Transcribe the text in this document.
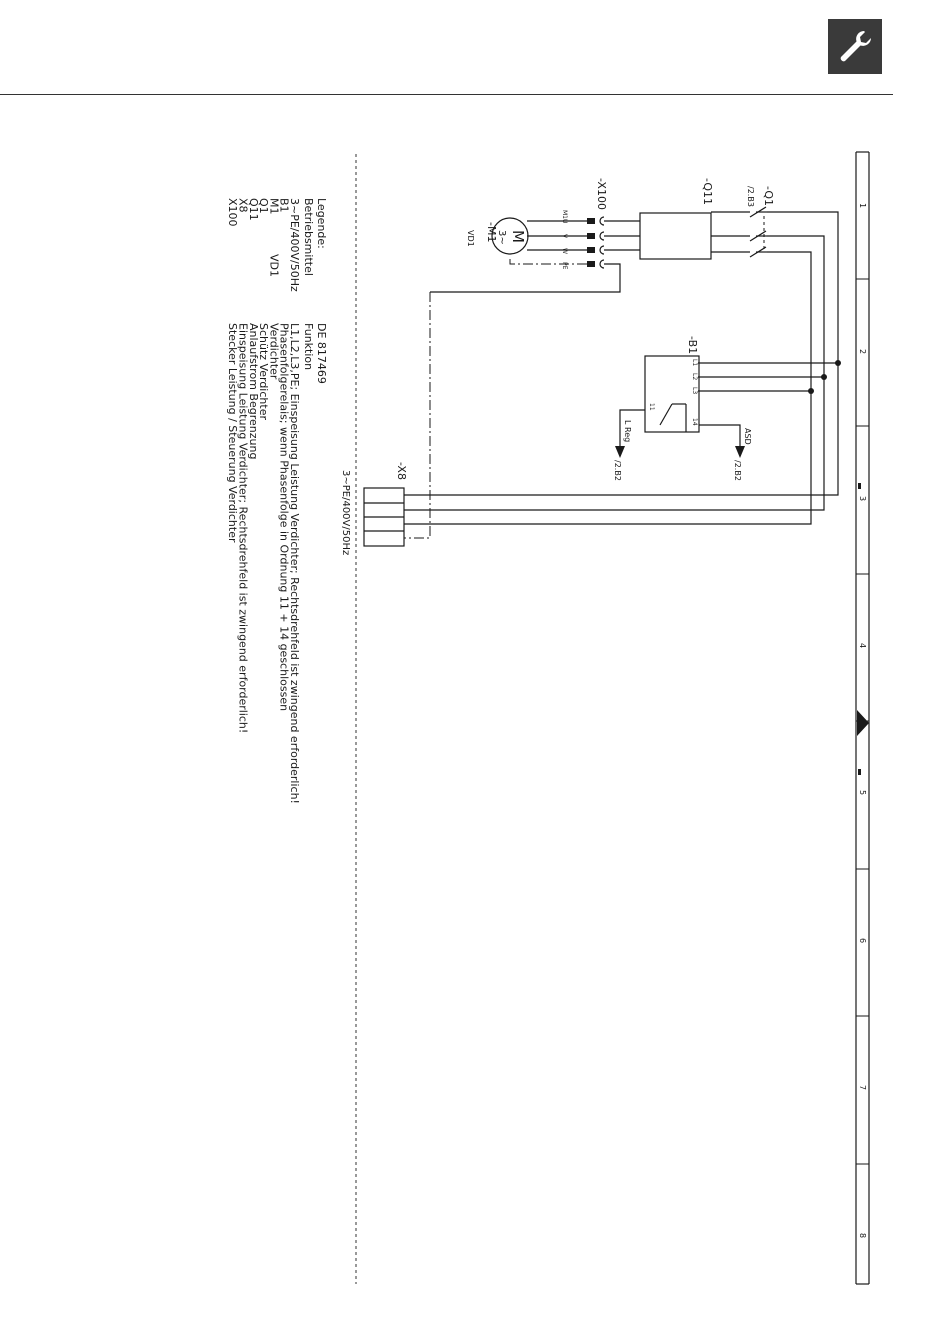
1
2
3
4
5
6
7
8
-Q1
/2.B3
-Q11
-X100
M1
U
V
W
PE
M
3~
-M1
VD1
-B1
L1
L2
L3
11
14
ASD
/2.B2
L Reg
/2.B2
-X8
3~PE/400V/50Hz
Legende:
DE 817469
Betriebsmittel
Funktion
3~PE/400V/50Hz
L1,L2,L3,PE; Einspeisung Leistung Verdichter; Rechtsdrehfeld ist zwingend erforderlich!
B1
Phasenfolgerelais; wenn Phasenfolge in Ordnung 11 + 14 geschlossen
M1
VD1
Verdichter
Q1
Schütz Verdichter
Q11
Anlaufstrom Begrenzung
X8
Einspeisung Leistung Verdichter; Rechtsdrehfeld ist zwingend erforderlich!
X100
Stecker Leistung / Steuerung Verdichter
